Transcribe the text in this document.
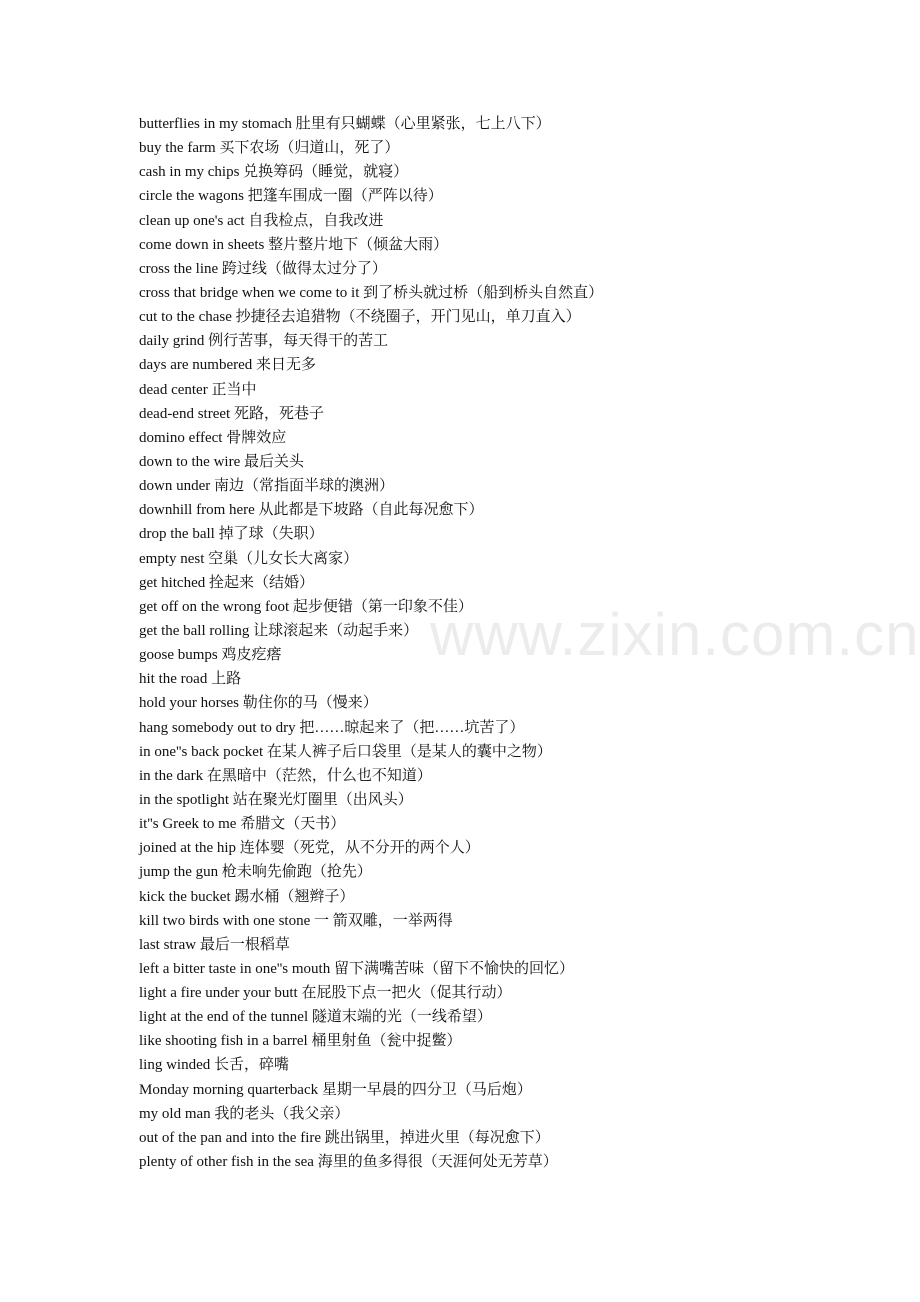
butterflies in my stomach 肚里有只蝴蝶（心里紧张，七上八下）
buy the farm 买下农场（归道山，死了）
cash in my chips 兑换筹码（睡觉，就寝）
circle the wagons 把篷车围成一圈（严阵以待）
clean up one's act 自我检点，自我改进
come down in sheets 整片整片地下（倾盆大雨）
cross the line 跨过线（做得太过分了）
cross that bridge when we come to it 到了桥头就过桥（船到桥头自然直）
cut to the chase 抄捷径去追猎物（不绕圈子，开门见山，单刀直入）
daily grind 例行苦事，每天得干的苦工
days are numbered 来日无多
dead center 正当中
dead-end street 死路，死巷子
domino effect 骨牌效应
down to the wire 最后关头
down under 南边（常指面半球的澳洲）
downhill from here 从此都是下坡路（自此每况愈下）
drop the ball 掉了球（失职）
empty nest 空巢（儿女长大离家）
get hitched 拴起来（结婚）
get off on the wrong foot 起步便错（第一印象不佳）
get the ball rolling 让球滚起来（动起手来）
goose bumps 鸡皮疙瘩
hit the road 上路
hold your horses 勒住你的马（慢来）
hang somebody out to dry 把……晾起来了（把……坑苦了）
in one''s back pocket 在某人裤子后口袋里（是某人的囊中之物）
in the dark 在黑暗中（茫然，什么也不知道）
in the spotlight 站在聚光灯圈里（出风头）
it''s Greek to me 希腊文（天书）
joined at the hip 连体婴（死党，从不分开的两个人）
jump the gun 枪未响先偷跑（抢先）
kick the bucket 踢水桶（翘辫子）
kill two birds with one stone 一 箭双雕，一举两得
last straw 最后一根稻草
left a bitter taste in one''s mouth 留下满嘴苦味（留下不愉快的回忆）
light a fire under your butt 在屁股下点一把火（促其行动）
light at the end of the tunnel 隧道末端的光（一线希望）
like shooting fish in a barrel 桶里射鱼（瓮中捉鳖）
ling winded 长舌，碎嘴
Monday morning quarterback 星期一早晨的四分卫（马后炮）
my old man 我的老头（我父亲）
out of the pan and into the fire 跳出锅里，掉进火里（每况愈下）
plenty of other fish in the sea 海里的鱼多得很（天涯何处无芳草）
www.zixin.com.cn
